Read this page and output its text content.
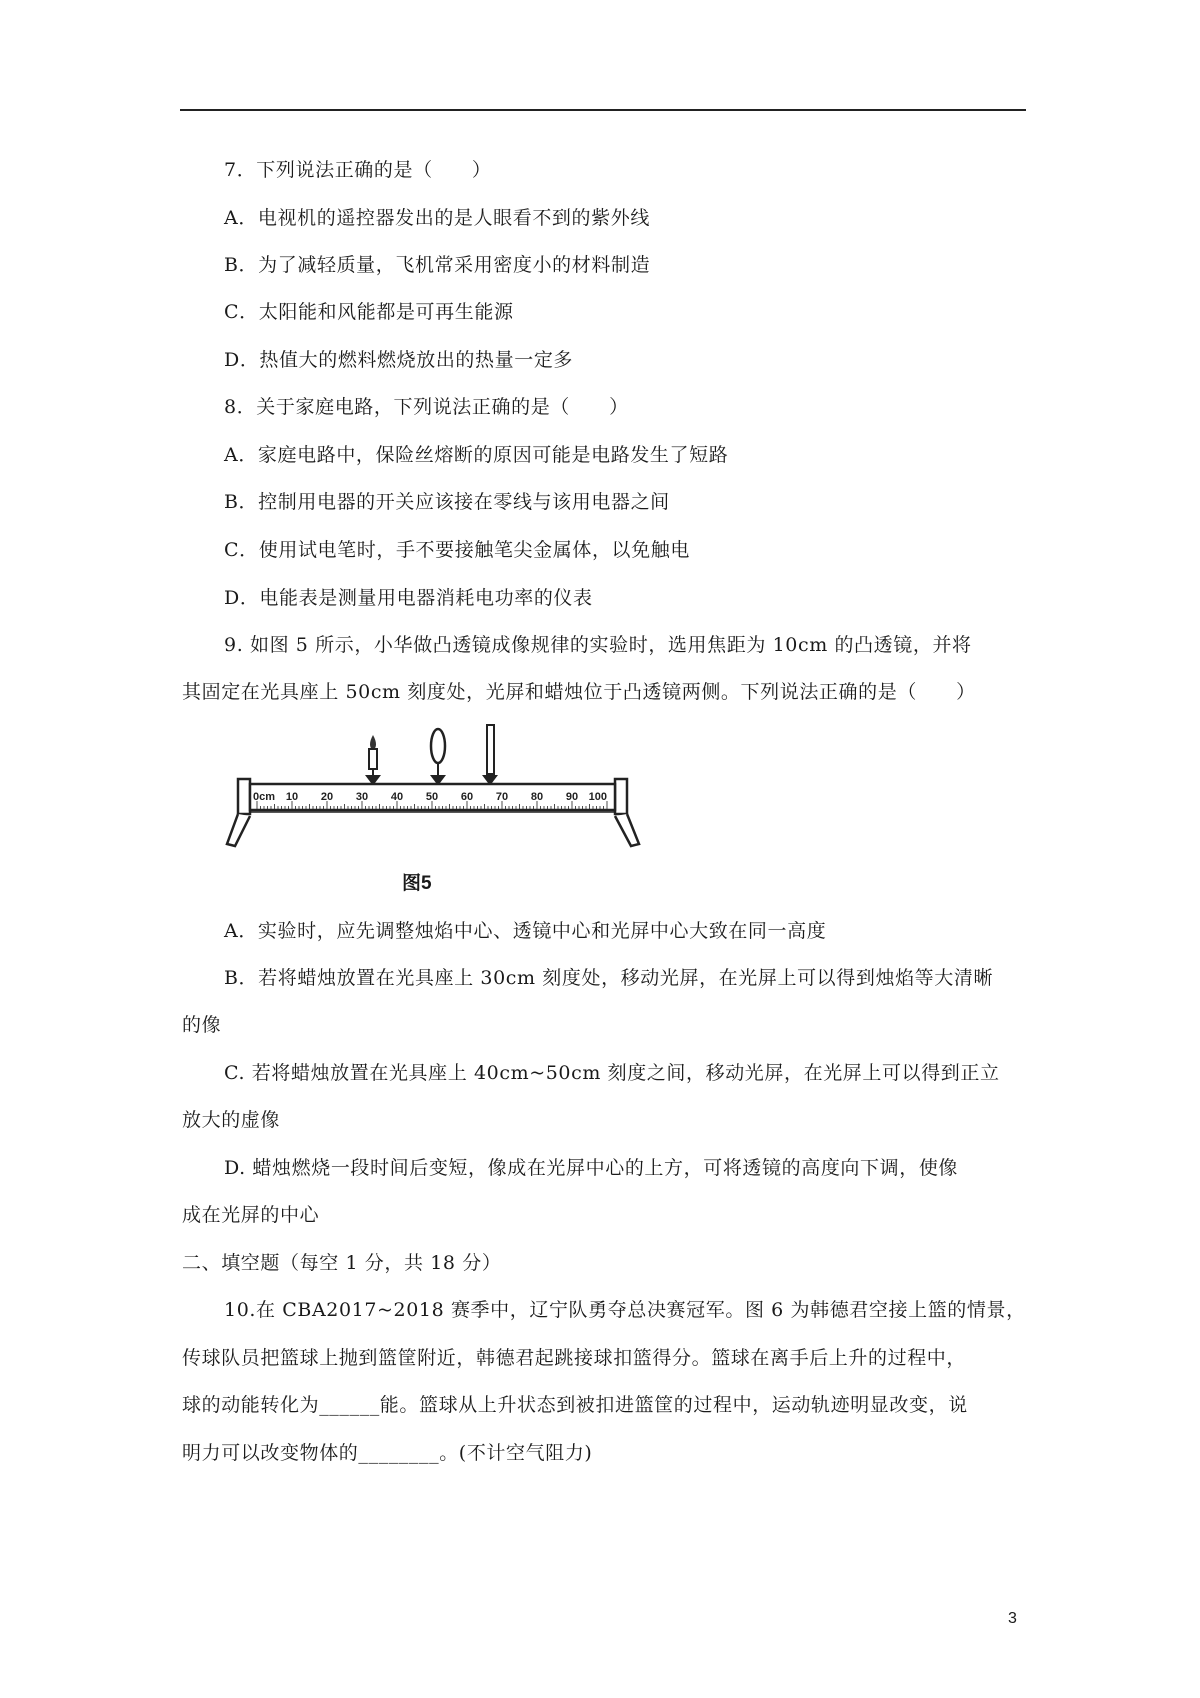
7．下列说法正确的是（　　）
A．电视机的遥控器发出的是人眼看不到的紫外线
B．为了减轻质量，飞机常采用密度小的材料制造
C．太阳能和风能都是可再生能源
D．热值大的燃料燃烧放出的热量一定多
8．关于家庭电路，下列说法正确的是（　　）
A．家庭电路中，保险丝熔断的原因可能是电路发生了短路
B．控制用电器的开关应该接在零线与该用电器之间
C．使用试电笔时，手不要接触笔尖金属体，以免触电
D．电能表是测量用电器消耗电功率的仪表
9. 如图 5 所示，小华做凸透镜成像规律的实验时，选用焦距为 10cm 的凸透镜，并将
其固定在光具座上 50cm 刻度处，光屏和蜡烛位于凸透镜两侧。下列说法正确的是（　　）
0cm 10 20 30 40 50 60 70 80 90 100
图5
A．实验时，应先调整烛焰中心、透镜中心和光屏中心大致在同一高度
B．若将蜡烛放置在光具座上 30cm 刻度处，移动光屏，在光屏上可以得到烛焰等大清晰
的像
C. 若将蜡烛放置在光具座上 40cm~50cm 刻度之间，移动光屏，在光屏上可以得到正立
放大的虚像
D. 蜡烛燃烧一段时间后变短，像成在光屏中心的上方，可将透镜的高度向下调，使像
成在光屏的中心
二、填空题（每空 1 分，共 18 分）
10.在 CBA2017~2018 赛季中，辽宁队勇夺总决赛冠军。图 6 为韩德君空接上篮的情景，
传球队员把篮球上抛到篮筐附近，韩德君起跳接球扣篮得分。篮球在离手后上升的过程中，
球的动能转化为______能。篮球从上升状态到被扣进篮筐的过程中，运动轨迹明显改变，说
明力可以改变物体的________。(不计空气阻力)
3
